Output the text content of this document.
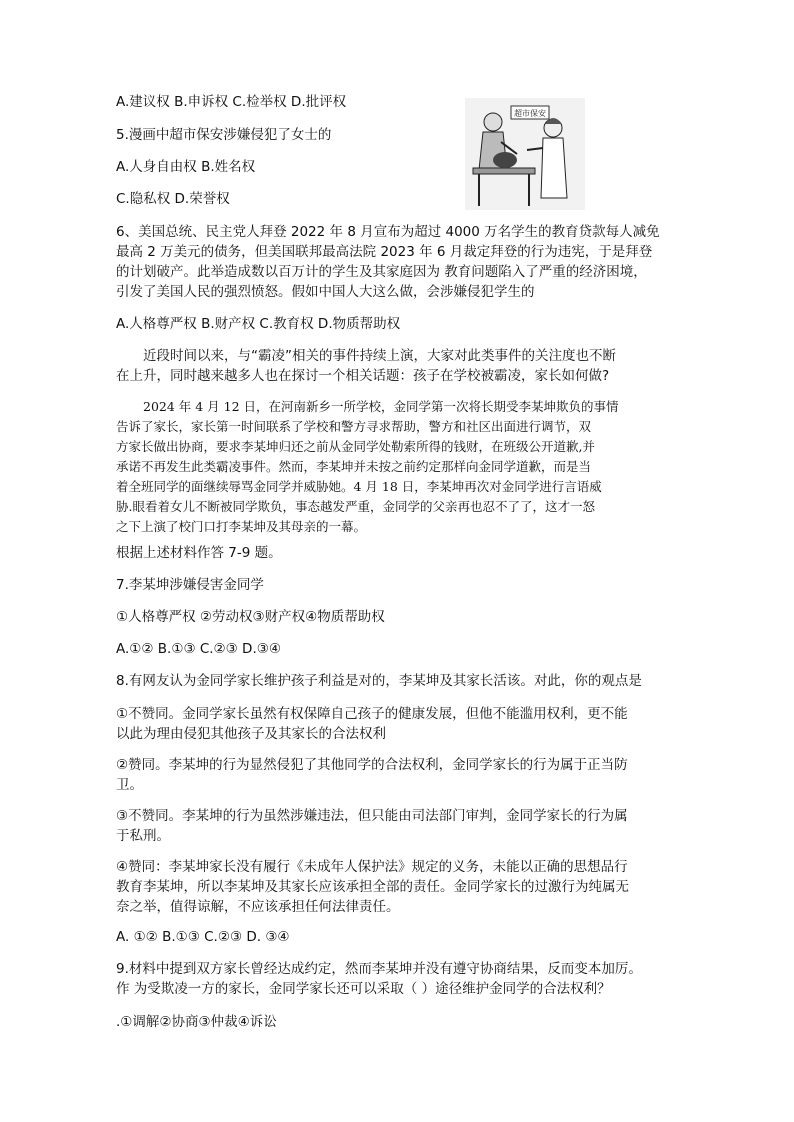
A.建议权 B.申诉权 C.检举权 D.批评权
5.漫画中超市保安涉嫌侵犯了女士的
A.人身自由权 B.姓名权
C.隐私权 D.荣誉权
超市保安
6、美国总统、民主党人拜登 2022 年 8 月宣布为超过 4000 万名学生的教育贷款每人减免
最高 2 万美元的债务，但美国联邦最高法院 2023 年 6 月裁定拜登的行为违宪，于是拜登
的计划破产。此举造成数以百万计的学生及其家庭因为 教育问题陷入了严重的经济困境，
引发了美国人民的强烈愤怒。假如中国人大这么做，会涉嫌侵犯学生的
A.人格尊严权 B.财产权 C.教育权 D.物质帮助权
近段时间以来，与“霸凌”相关的事件持续上演，大家对此类事件的关注度也不断
在上升，同时越来越多人也在探讨一个相关话题：孩子在学校被霸凌，家长如何做?
2024 年 4 月 12 日，在河南新乡一所学校，金同学第一次将长期受李某坤欺负的事情
告诉了家长，家长第一时间联系了学校和警方寻求帮助，警方和社区出面进行调节，双
方家长做出协商，要求李某坤归还之前从金同学处勒索所得的钱财，在班级公开道歉,并
承诺不再发生此类霸凌事件。然而，李某坤并未按之前约定那样向金同学道歉，而是当
着全班同学的面继续辱骂金同学并威胁她。4 月 18 日，李某坤再次对金同学进行言语威
胁.眼看着女儿不断被同学欺负，事态越发严重，金同学的父亲再也忍不了了，这才一怒
之下上演了校门口打李某坤及其母亲的一幕。
根据上述材料作答 7-9 题。
7.李某坤涉嫌侵害金同学
①人格尊严权 ②劳动权③财产权④物质帮助权
A.①② B.①③ C.②③ D.③④
8.有网友认为金同学家长维护孩子利益是对的，李某坤及其家长活该。对此，你的观点是
①不赞同。金同学家长虽然有权保障自己孩子的健康发展，但他不能滥用权利，更不能
以此为理由侵犯其他孩子及其家长的合法权利
②赞同。李某坤的行为显然侵犯了其他同学的合法权利，金同学家长的行为属于正当防
卫。
③不赞同。李某坤的行为虽然涉嫌违法，但只能由司法部门审判，金同学家长的行为属
于私刑。
④赞同：李某坤家长没有履行《未成年人保护法》规定的义务，未能以正确的思想品行
教育李某坤，所以李某坤及其家长应该承担全部的责任。金同学家长的过激行为纯属无
奈之举，值得谅解，不应该承担任何法律责任。
A. ①② B.①③ C.②③ D. ③④
9.材料中提到双方家长曾经达成约定，然而李某坤并没有遵守协商结果，反而变本加厉。
作 为受欺凌一方的家长，金同学家长还可以采取（ ）途径维护金同学的合法权利？
.①调解②协商③仲裁④诉讼
